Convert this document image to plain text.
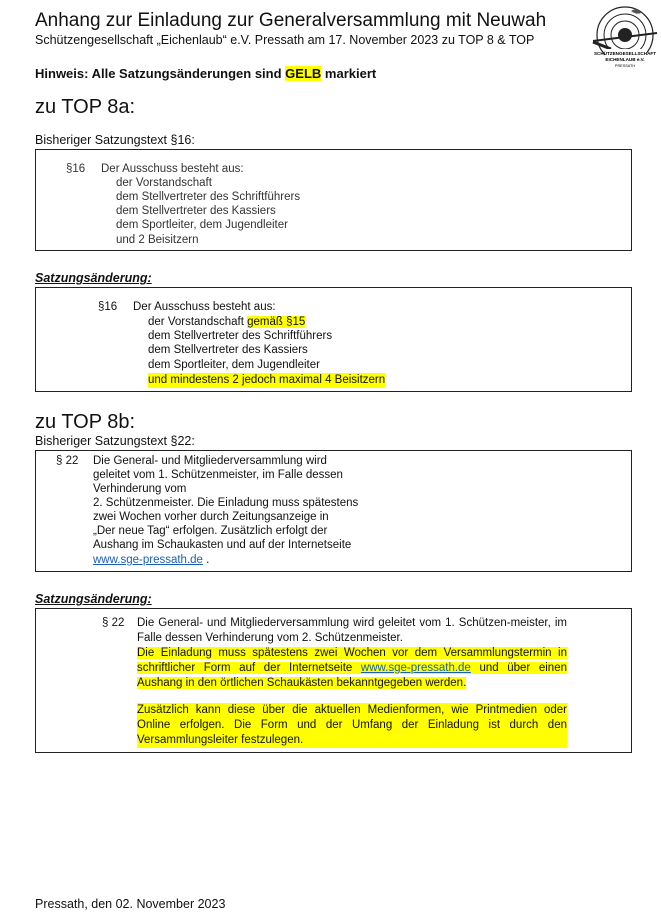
Anhang zur Einladung zur Generalversammlung mit Neuwah
Schützengesellschaft „Eichenlaub“ e.V. Pressath am 17. November 2023 zu TOP 8 & TOP
SCHÜTZENGESELLSCHAFT
EICHENLAUB e.V.
PRESSATH
Hinweis: Alle Satzungsänderungen sind GELB markiert
zu TOP 8a:
Bisheriger Satzungstext §16:
§16 Der Ausschuss besteht aus:
der Vorstandschaft
dem Stellvertreter des Schriftführers
dem Stellvertreter des Kassiers
dem Sportleiter, dem Jugendleiter
und 2 Beisitzern
Satzungsänderung:
§16 Der Ausschuss besteht aus:
der Vorstandschaft gemäß §15
dem Stellvertreter des Schriftführers
dem Stellvertreter des Kassiers
dem Sportleiter, dem Jugendleiter
und mindestens 2 jedoch maximal 4 Beisitzern
zu TOP 8b:
Bisheriger Satzungstext §22:
§ 22 Die General- und Mitgliederversammlung wird
geleitet vom 1. Schützenmeister, im Falle dessen
Verhinderung vom
2. Schützenmeister. Die Einladung muss spätestens
zwei Wochen vorher durch Zeitungsanzeige in
„Der neue Tag“ erfolgen. Zusätzlich erfolgt der
Aushang im Schaukasten und auf der Internetseite
www.sge-pressath.de .
Satzungsänderung:
§ 22 Die General- und Mitgliederversammlung wird geleitet vom 1. Schützen-meister, im Falle dessen Verhinderung vom 2. Schützenmeister.
Die Einladung muss spätestens zwei Wochen vor dem Versammlungstermin in schriftlicher Form auf der Internetseite www.sge-pressath.de und über einen Aushang in den örtlichen Schaukästen bekanntgegeben werden.
Zusätzlich kann diese über die aktuellen Medienformen, wie Printmedien oder Online erfolgen. Die Form und der Umfang der Einladung ist durch den Versammlungsleiter festzulegen.
Pressath, den 02. November 2023
